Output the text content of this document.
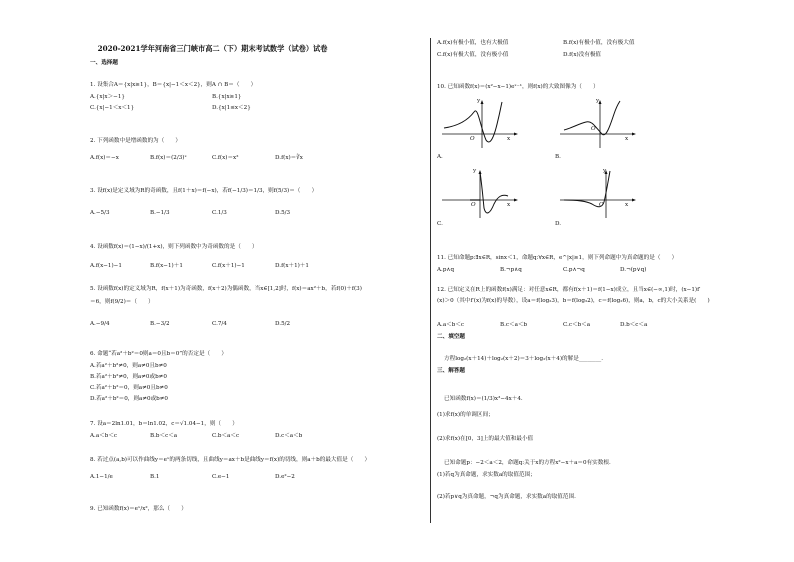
2020-2021学年河南省三门峡市高二（下）期末考试数学（试卷）试卷
一、选择题
1. 设集合A＝{x|x≥1}，B＝{x|−1＜x＜2}，则A ∩ B＝（　　）
A.{x|x＞−1}	B.{x|x≥1}
C.{x|−1＜x＜1}	D.{x|1≤x＜2}
2. 下列函数中是增函数的为（　　）
A.f(x)＝−x	B.f(x)＝(2/3)ˣ	C.f(x)＝x²	D.f(x)＝∛x
3. 设f(x)是定义域为R的奇函数，且f(1＋x)＝f(−x)，若f(−1/3)＝1/3，则f(5/3)＝（　　）
A.−5/3	B.−1/3	C.1/3	D.5/3
4. 设函数f(x)＝(1−x)/(1+x)，则下列函数中为奇函数的是（　　）
A.f(x−1)−1	B.f(x−1)＋1	C.f(x＋1)−1	D.f(x＋1)＋1
5. 设函数f(x)的定义域为R，f(x＋1)为奇函数，f(x＋2)为偶函数，当x∈[1,2]时，f(x)＝ax²＋b，若f(0)＋f(3)
＝6，则f(9/2)＝（　　）
A.−9/4	B.−3/2	C.7/4	D.5/2
6. 命题“若a²＋b²＝0则a＝0且b＝0”的否定是（　　）
A.若a²＋b²≠0，则a≠0且b≠0
B.若a²＋b²≠0，则a≠0或b≠0
C.若a²＋b²＝0，则a≠0且b≠0
D.若a²＋b²＝0，则a≠0或b≠0
7. 设a＝2ln1.01，b＝ln1.02，c＝√1.04−1，则（　　）
A.a＜b＜c	B.b＜c＜a	C.b＜a＜c	D.c＜a＜b
8. 若过点(a,b)可以作曲线y＝eˣ的两条切线，且曲线y＝ax＋b是曲线y＝f(x)的切线，则a＋b的最大值是（　　）
A.1−1/e	B.1	C.e−1	D.e²−2
9. 已知函数f(x)＝eˣ/x²，那么（　　）
A.f(x)有极小值，也有大极值	B.f(x)有极小值，没有极大值
C.f(x)有极大值，没有极小值	D.f(x)没有极值
10. 已知函数f(x)＝(x²−x−1)eˣ⁻¹，则f(x)的大致图像为（　　）
y
x
O
A.
y
x
O
B.
y
x
O
C.
y
x
O
D.
11. 已知命题p:∃x∈R，sinx＜1，命题q:∀x∈R，e^|x|≥1，则下列命题中为真命题的是（　　）
A.p∧q	B.¬p∧q	C.p∧¬q	D.¬(p∨q)
12. 已知定义在R上的函数f(x)满足：对任意x∈R，都有f(x＋1)＝f(1−x)成立，且当x∈(−∞,1)时，(x−1)f′
(x)＞0（其中f′(x)为f(x)的导数），设a＝f(log₂3)，b＝f(log₃2)，c＝f(log₂6)，则a，b，c的大小关系是(　　)
A.a＜b＜c	B.c＜a＜b	C.c＜b＜a	D.b＜c＜a
二、填空题
方程log₂(x＋14)＋log₂(x＋2)＝3＋log₂(x＋4)的解是________.
三、解答题
已知函数f(x)＝(1/3)x³−4x＋4.
(1)求f(x)的单调区间；
(2)求f(x)在[0，3]上的最大值和最小值
已知命题p：−2＜a＜2，命题q:关于x的方程x²−x＋a＝0有实数根.
(1)若q为真命题，求实数a的取值范围；
(2)若p∨q为真命题，¬q为真命题，求实数a的取值范围.
